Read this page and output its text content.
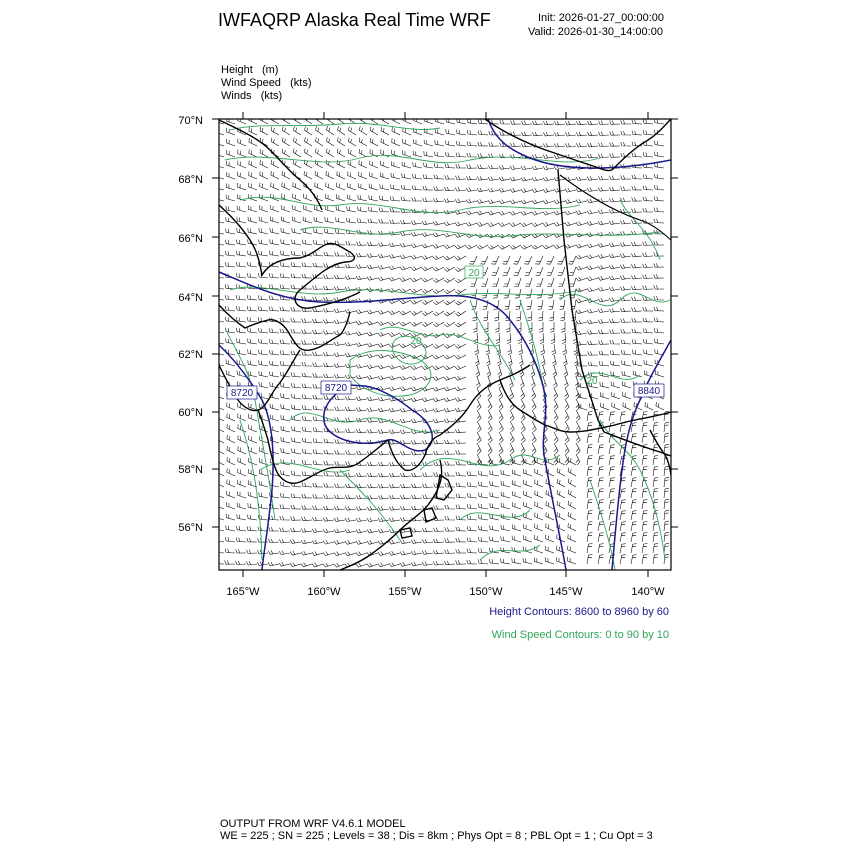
IWFAQRP Alaska Real Time WRF	Init: 2026-01-27_00:00:00
Valid: 2026-01-30_14:00:00
Height (m)
Wind Speed (kts)
Winds (kts)
8720	8720	8840
20
20
20
70°N
68°N
66°N
64°N
62°N
60°N
58°N
56°N
165°W	160°W	155°W	150°W	145°W	140°W
Height Contours: 8600 to 8960 by 60
Wind Speed Contours: 0 to 90 by 10
OUTPUT FROM WRF V4.6.1 MODEL
WE = 225 ; SN = 225 ; Levels = 38 ; Dis = 8km ; Phys Opt = 8 ; PBL Opt = 1 ; Cu Opt = 3
